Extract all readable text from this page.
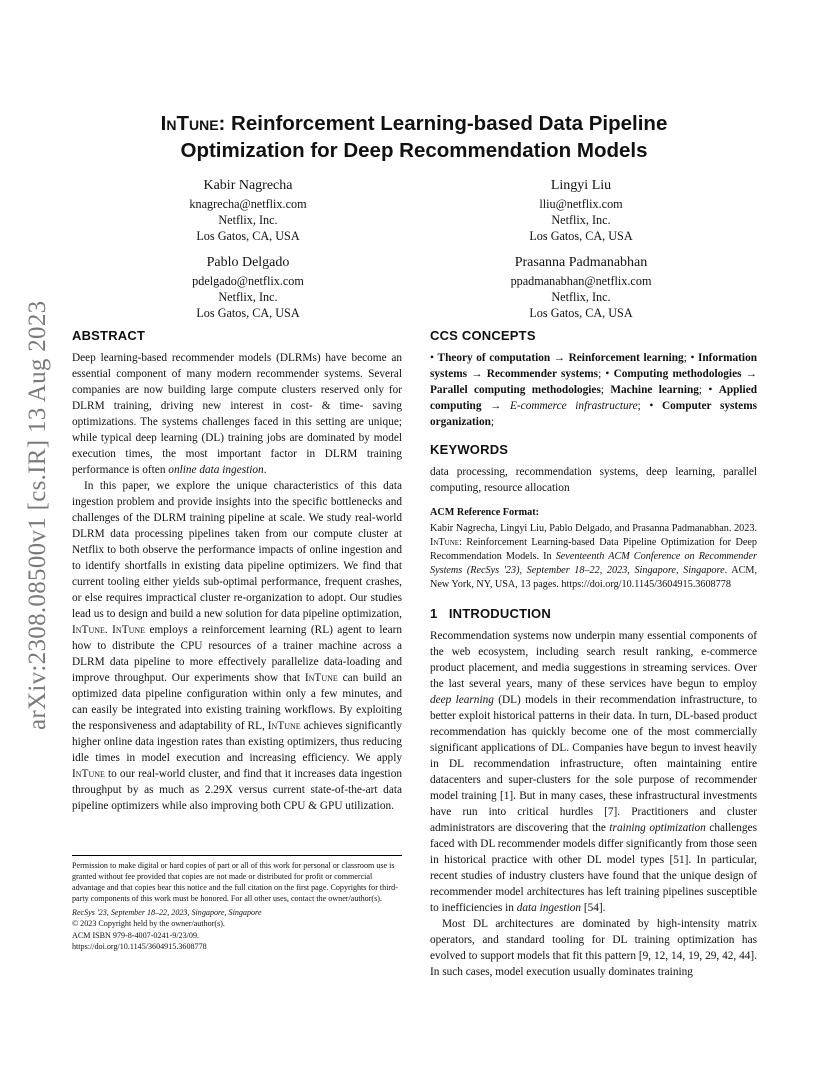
arXiv:2308.08500v1 [cs.IR] 13 Aug 2023
InTune: Reinforcement Learning-based Data Pipeline
Optimization for Deep Recommendation Models
Kabir Nagrecha
knagrecha@netflix.com
Netflix, Inc.
Los Gatos, CA, USA
Lingyi Liu
lliu@netflix.com
Netflix, Inc.
Los Gatos, CA, USA
Pablo Delgado
pdelgado@netflix.com
Netflix, Inc.
Los Gatos, CA, USA
Prasanna Padmanabhan
ppadmanabhan@netflix.com
Netflix, Inc.
Los Gatos, CA, USA
ABSTRACT

Deep learning-based recommender models (DLRMs) have become an essential component of many modern recommender systems. Several companies are now building large compute clusters reserved only for DLRM training, driving new interest in cost- & time- saving optimizations. The systems challenges faced in this setting are unique; while typical deep learning (DL) training jobs are dominated by model execution times, the most important factor in DLRM training performance is often online data ingestion.

In this paper, we explore the unique characteristics of this data ingestion problem and provide insights into the specific bottlenecks and challenges of the DLRM training pipeline at scale. We study real-world DLRM data processing pipelines taken from our compute cluster at Netflix to both observe the performance impacts of online ingestion and to identify shortfalls in existing data pipeline optimizers. We find that current tooling either yields sub-optimal performance, frequent crashes, or else requires impractical cluster re-organization to adopt. Our studies lead us to design and build a new solution for data pipeline optimization, InTune. InTune employs a reinforcement learning (RL) agent to learn how to distribute the CPU resources of a trainer machine across a DLRM data pipeline to more effectively parallelize data-loading and improve throughput. Our experiments show that InTune can build an optimized data pipeline configuration within only a few minutes, and can easily be integrated into existing training workflows. By exploiting the responsiveness and adaptability of RL, InTune achieves significantly higher online data ingestion rates than existing optimizers, thus reducing idle times in model execution and increasing efficiency. We apply InTune to our real-world cluster, and find that it increases data ingestion throughput by as much as 2.29X versus current state-of-the-art data pipeline optimizers while also improving both CPU & GPU utilization.

Permission to make digital or hard copies of part or all of this work for personal or classroom use is granted without fee provided that copies are not made or distributed for profit or commercial advantage and that copies bear this notice and the full citation on the first page. Copyrights for third-party components of this work must be honored. For all other uses, contact the owner/author(s).

RecSys '23, September 18–22, 2023, Singapore, Singapore

© 2023 Copyright held by the owner/author(s).

ACM ISBN 979-8-4007-0241-9/23/09.

https://doi.org/10.1145/3604915.3608778

CCS CONCEPTS

• Theory of computation → Reinforcement learning; • Information systems → Recommender systems; • Computing methodologies → Parallel computing methodologies; Machine learning; • Applied computing → E-commerce infrastructure; • Computer systems organization;

KEYWORDS

data processing, recommendation systems, deep learning, parallel computing, resource allocation

ACM Reference Format:
Kabir Nagrecha, Lingyi Liu, Pablo Delgado, and Prasanna Padmanabhan. 2023. InTune: Reinforcement Learning-based Data Pipeline Optimization for Deep Recommendation Models. In Seventeenth ACM Conference on Recommender Systems (RecSys '23), September 18–22, 2023, Singapore, Singapore. ACM, New York, NY, USA, 13 pages. https://doi.org/10.1145/3604915.3608778
1   INTRODUCTION

Recommendation systems now underpin many essential components of the web ecosystem, including search result ranking, e-commerce product placement, and media suggestions in streaming services. Over the last several years, many of these services have begun to employ deep learning (DL) models in their recommendation infrastructure, to better exploit historical patterns in their data. In turn, DL-based product recommendation has quickly become one of the most commercially significant applications of DL. Companies have begun to invest heavily in DL recommendation infrastructure, often maintaining entire datacenters and super-clusters for the sole purpose of recommender model training [1]. But in many cases, these infrastructural investments have run into critical hurdles [7]. Practitioners and cluster administrators are discovering that the training optimization challenges faced with DL recommender models differ significantly from those seen in historical practice with other DL model types [51]. In particular, recent studies of industry clusters have found that the unique design of recommender model architectures has left training pipelines susceptible to inefficiencies in data ingestion [54].

Most DL architectures are dominated by high-intensity matrix operators, and standard tooling for DL training optimization has evolved to support models that fit this pattern [9, 12, 14, 19, 29, 42, 44]. In such cases, model execution usually dominates training
